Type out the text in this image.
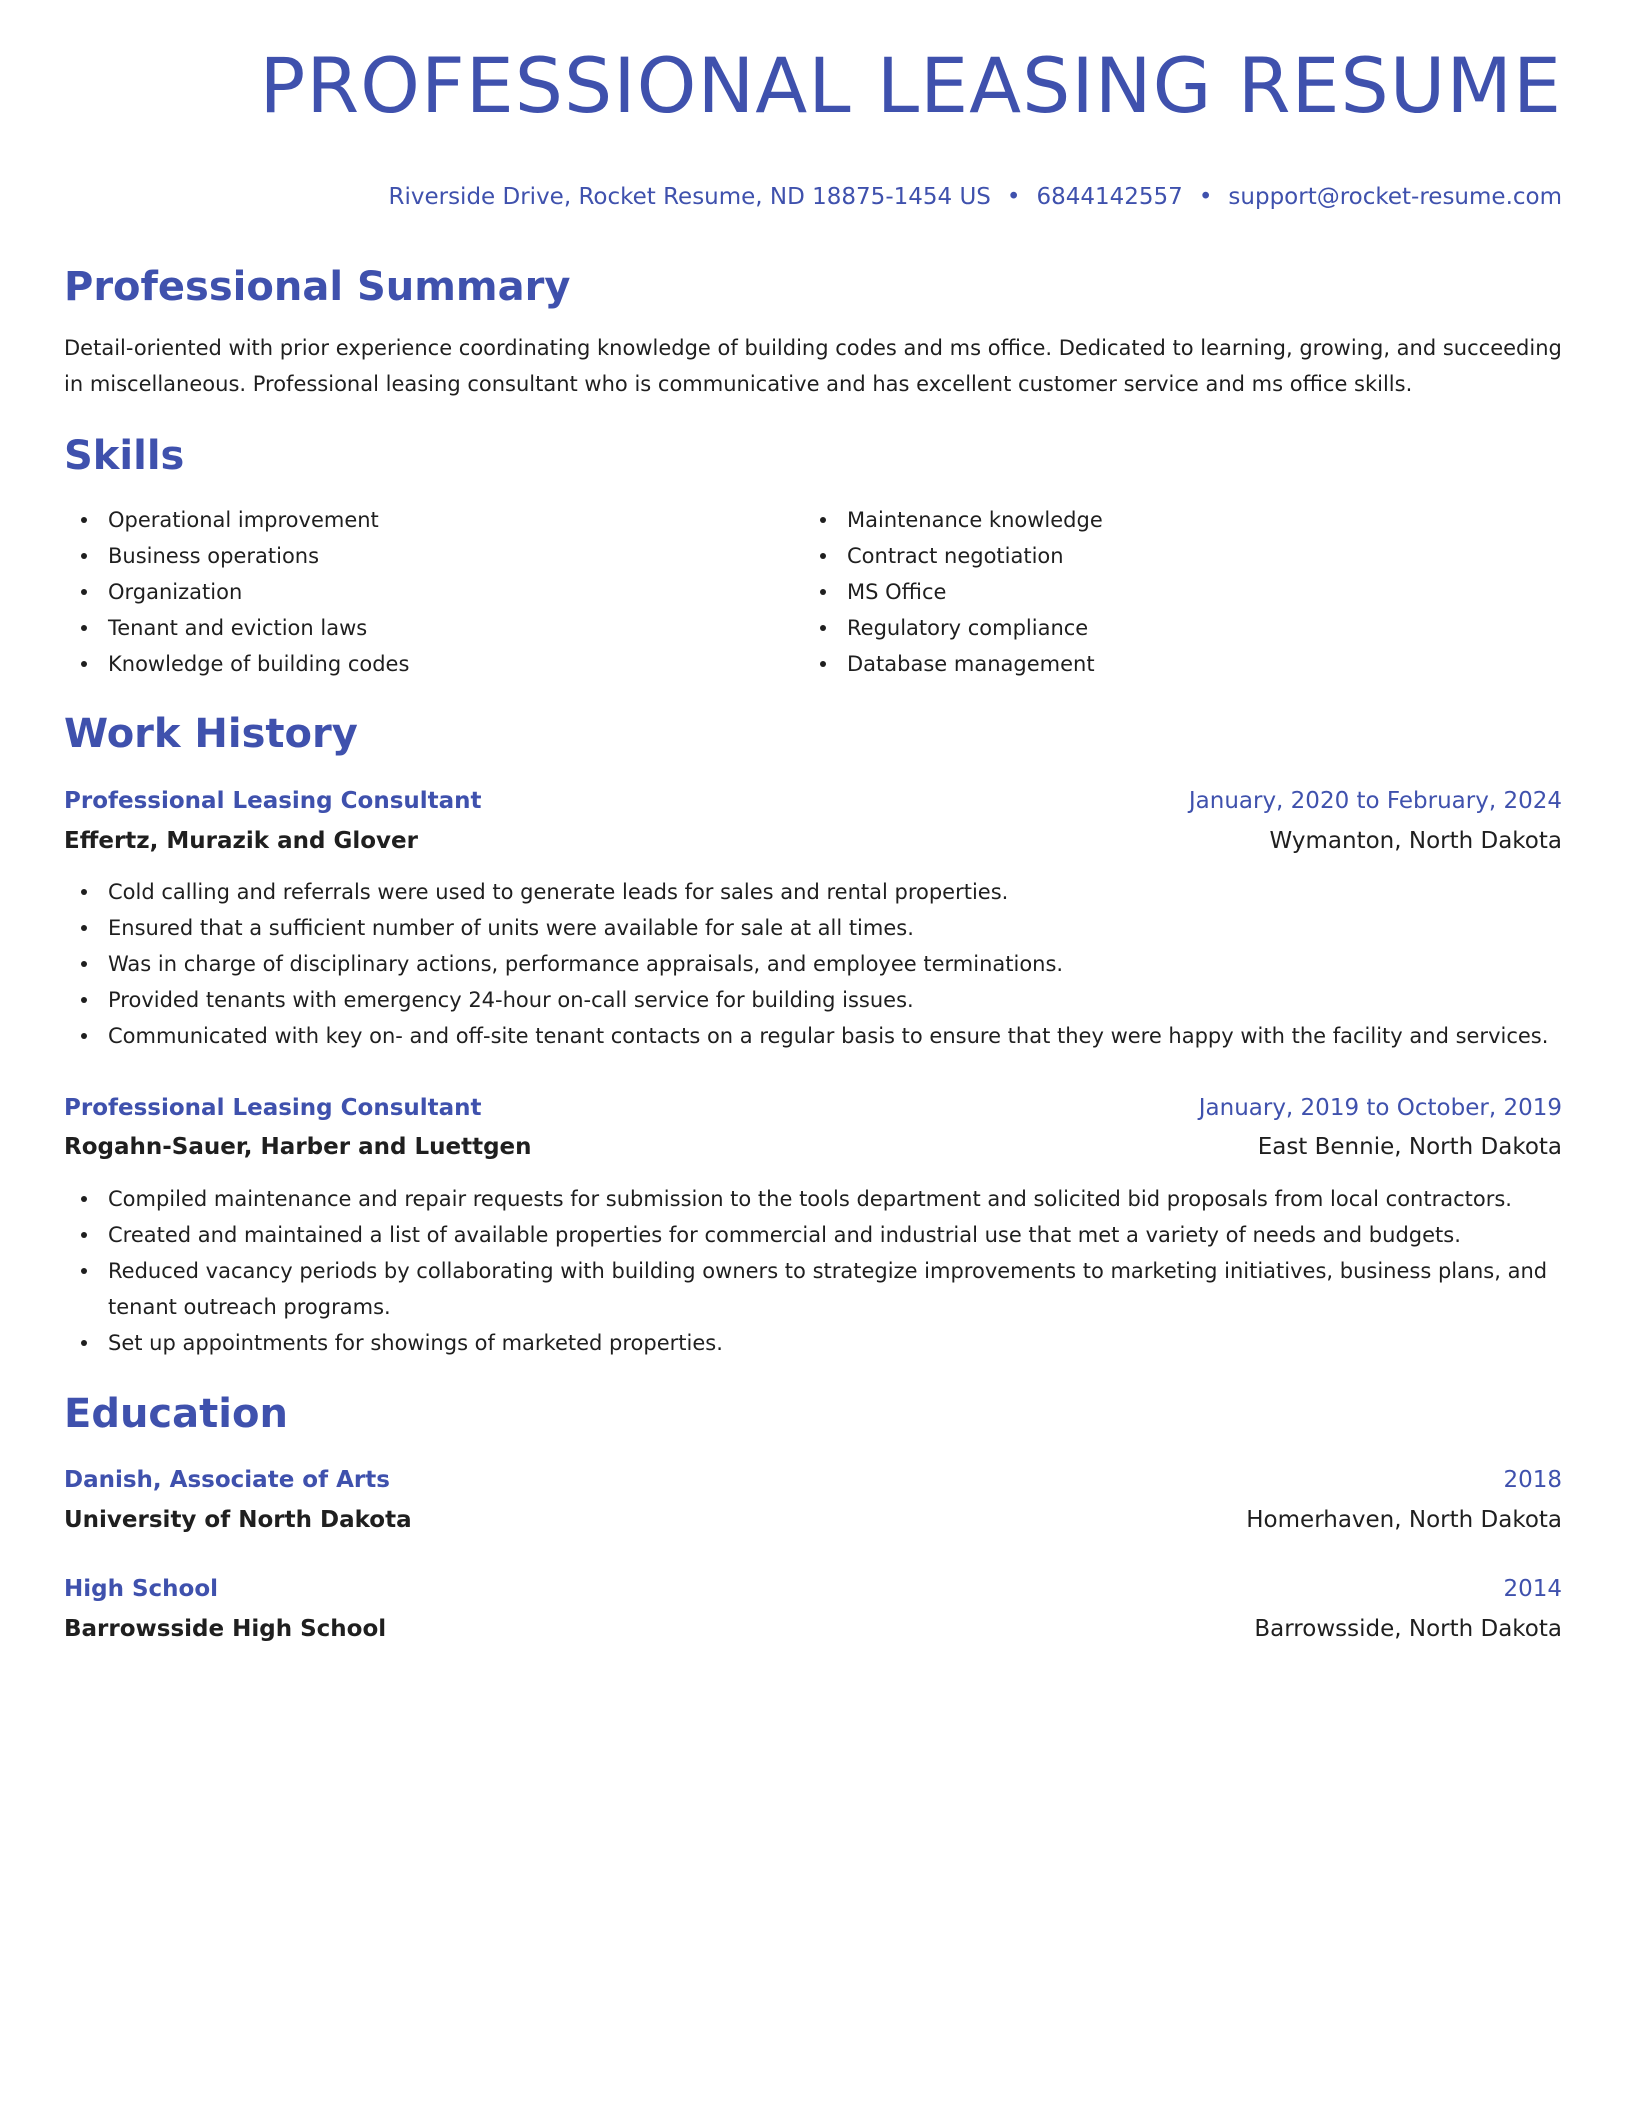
PROFESSIONAL LEASING RESUME
Riverside Drive, Rocket Resume, ND 18875-1454 US • 6844142557 • support@rocket-resume.com
Professional Summary

Detail-oriented with prior experience coordinating knowledge of building codes and ms office. Dedicated to learning, growing, and succeeding in miscellaneous. Professional leasing consultant who is communicative and has excellent customer service and ms office skills.

Skills
Operational improvement
Business operations
Organization
Tenant and eviction laws
Knowledge of building codes
Maintenance knowledge
Contract negotiation
MS Office
Regulatory compliance
Database management
Work History
Professional Leasing Consultant	January, 2020 to February, 2024
Effertz, Murazik and Glover	Wymanton, North Dakota
Cold calling and referrals were used to generate leads for sales and rental properties.
Ensured that a sufficient number of units were available for sale at all times.
Was in charge of disciplinary actions, performance appraisals, and employee terminations.
Provided tenants with emergency 24-hour on-call service for building issues.
Communicated with key on- and off-site tenant contacts on a regular basis to ensure that they were happy with the facility and services.
Professional Leasing Consultant	January, 2019 to October, 2019
Rogahn-Sauer, Harber and Luettgen	East Bennie, North Dakota
Compiled maintenance and repair requests for submission to the tools department and solicited bid proposals from local contractors.
Created and maintained a list of available properties for commercial and industrial use that met a variety of needs and budgets.
Reduced vacancy periods by collaborating with building owners to strategize improvements to marketing initiatives, business plans, and tenant outreach programs.
Set up appointments for showings of marketed properties.
Education
Danish, Associate of Arts	2018
University of North Dakota	Homerhaven, North Dakota
High School	2014
Barrowsside High School	Barrowsside, North Dakota
